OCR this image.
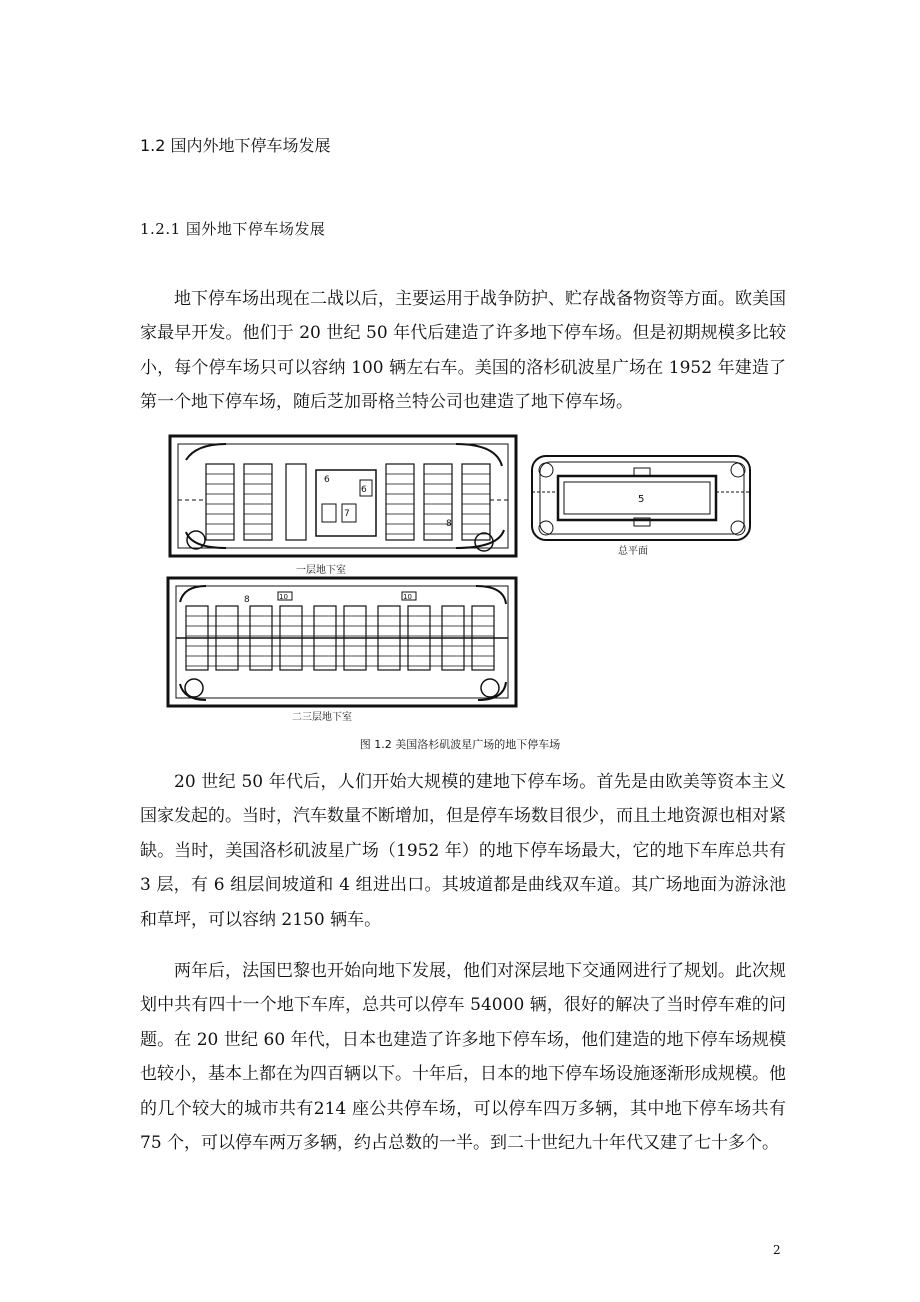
1.2 国内外地下停车场发展
1.2.1 国外地下停车场发展

地下停车场出现在二战以后，主要运用于战争防护、贮存战备物资等方面。欧美国家最早开发。他们于 20 世纪 50 年代后建造了许多地下停车场。但是初期规模多比较小，每个停车场只可以容纳 100 辆左右车。美国的洛杉矶波星广场在 1952 年建造了第一个地下停车场，随后芝加哥格兰特公司也建造了地下停车场。

6
6
7
8
一层地下室
5
总平面
8	10	10
二三层地下室
图 1.2 美国洛杉矶波星广场的地下停车场

20 世纪 50 年代后，人们开始大规模的建地下停车场。首先是由欧美等资本主义国家发起的。当时，汽车数量不断增加，但是停车场数目很少，而且土地资源也相对紧缺。当时，美国洛杉矶波星广场（1952 年）的地下停车场最大，它的地下车库总共有 3 层，有 6 组层间坡道和 4 组进出口。其坡道都是曲线双车道。其广场地面为游泳池和草坪，可以容纳 2150 辆车。

两年后，法国巴黎也开始向地下发展，他们对深层地下交通网进行了规划。此次规划中共有四十一个地下车库，总共可以停车 54000 辆，很好的解决了当时停车难的问题。在 20 世纪 60 年代，日本也建造了许多地下停车场，他们建造的地下停车场规模也较小，基本上都在为四百辆以下。十年后，日本的地下停车场设施逐渐形成规模。他的几个较大的城市共有214 座公共停车场，可以停车四万多辆，其中地下停车场共有 75 个，可以停车两万多辆，约占总数的一半。到二十世纪九十年代又建了七十多个。

2
